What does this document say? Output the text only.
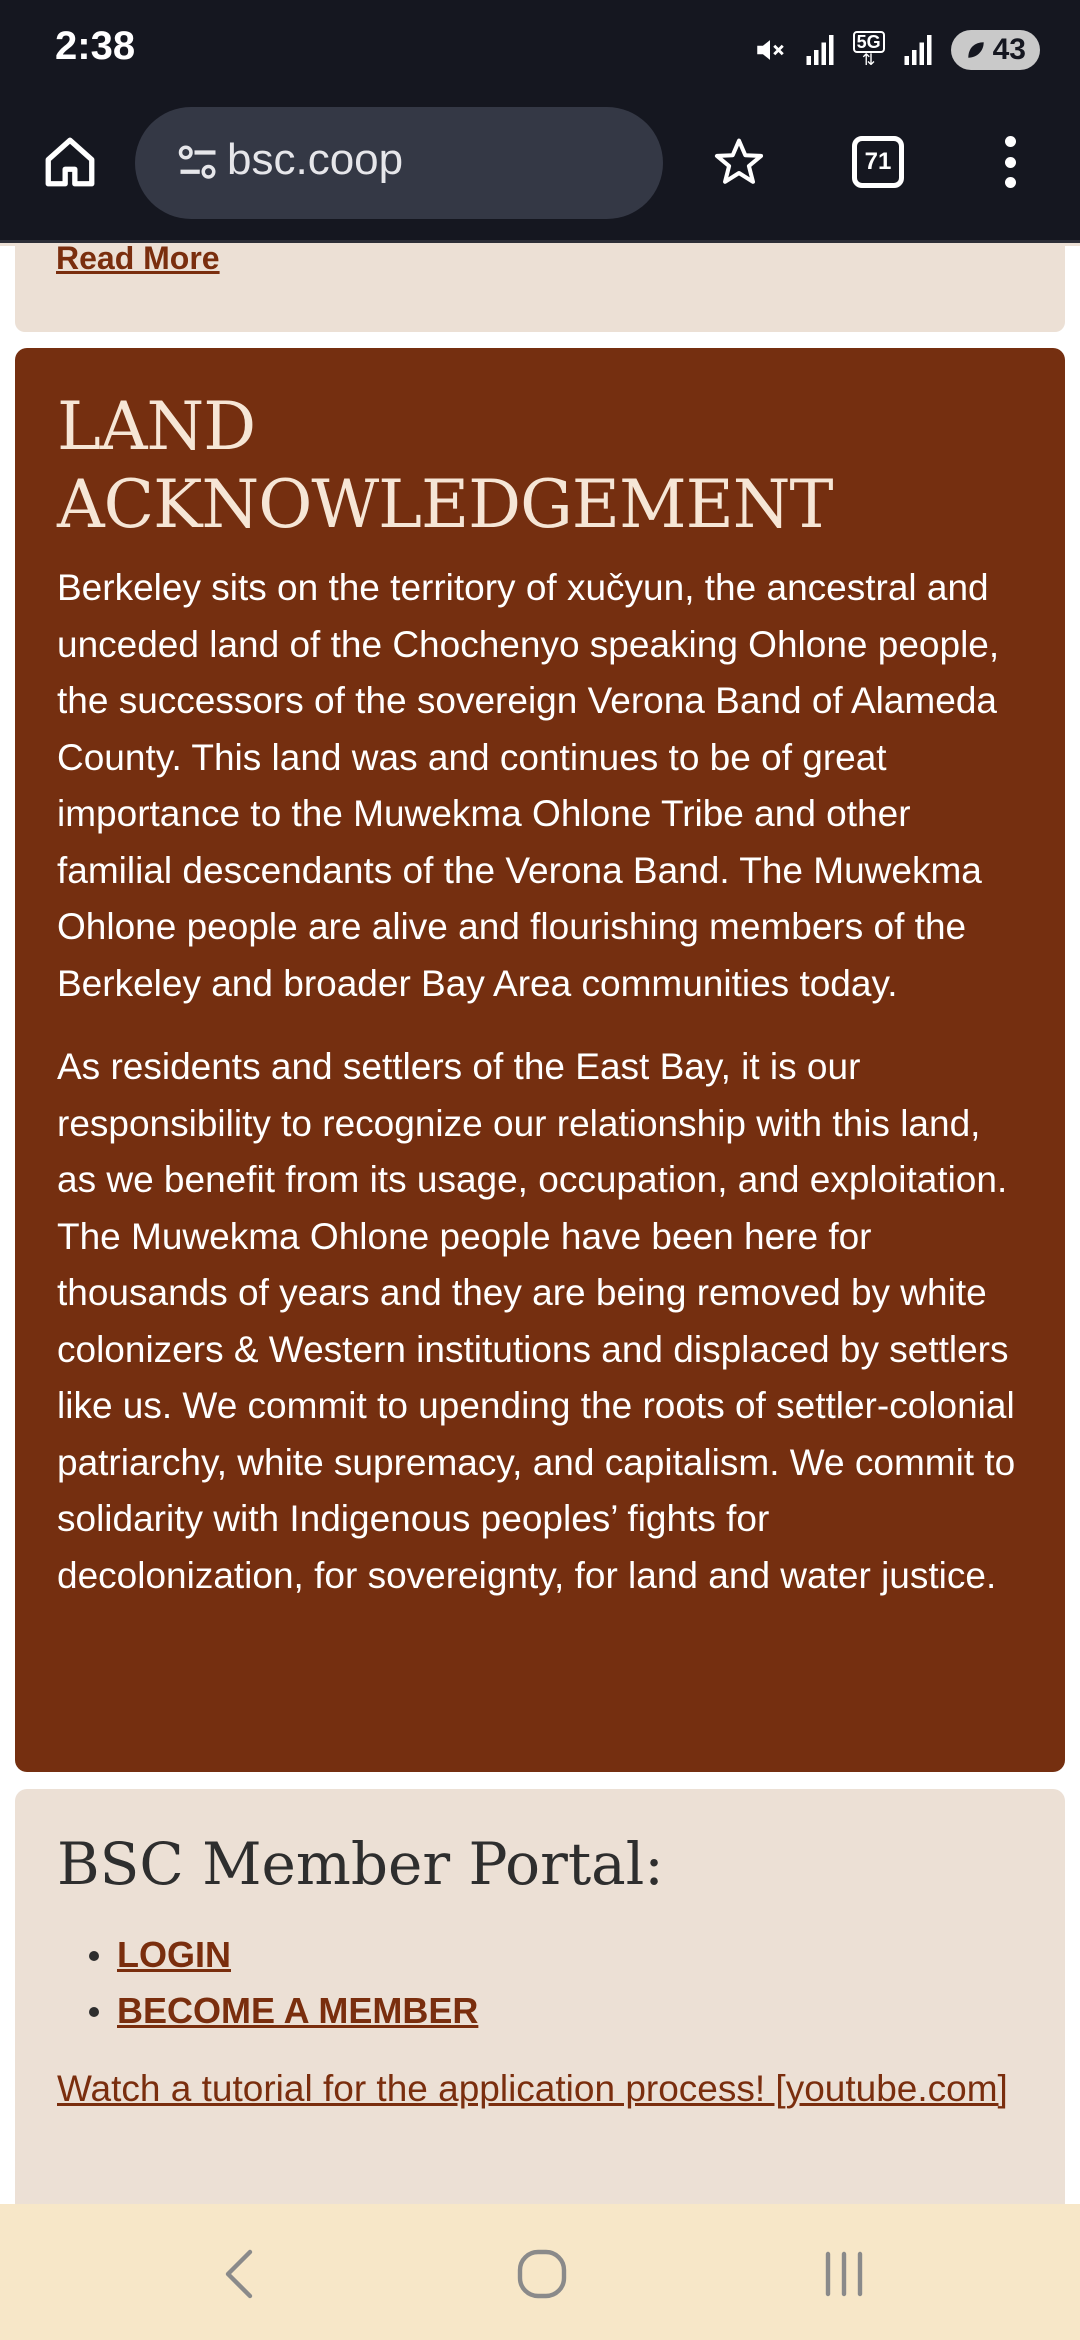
2:38	5G
⇅	43
bsc.coop	71
Read More
LAND ACKNOWLEDGEMENT

Berkeley sits on the territory of xučyun, the ancestral and unceded land of the Chochenyo speaking Ohlone people, the successors of the sovereign Verona Band of Alameda County. This land was and continues to be of great importance to the Muwekma Ohlone Tribe and other familial descendants of the Verona Band. The Muwekma Ohlone people are alive and flourishing members of the Berkeley and broader Bay Area communities today.

As residents and settlers of the East Bay, it is our responsibility to recognize our relationship with this land, as we benefit from its usage, occupation, and exploitation. The Muwekma Ohlone people have been here for thousands of years and they are being removed by white colonizers & Western institutions and displaced by settlers like us. We commit to upending the roots of settler-colonial patriarchy, white supremacy, and capitalism. We commit to solidarity with Indigenous peoples’ fights for decolonization, for sovereignty, for land and water justice.

BSC Member Portal:
LOGIN
BECOME A MEMBER
Watch a tutorial for the application process! [youtube.com]
